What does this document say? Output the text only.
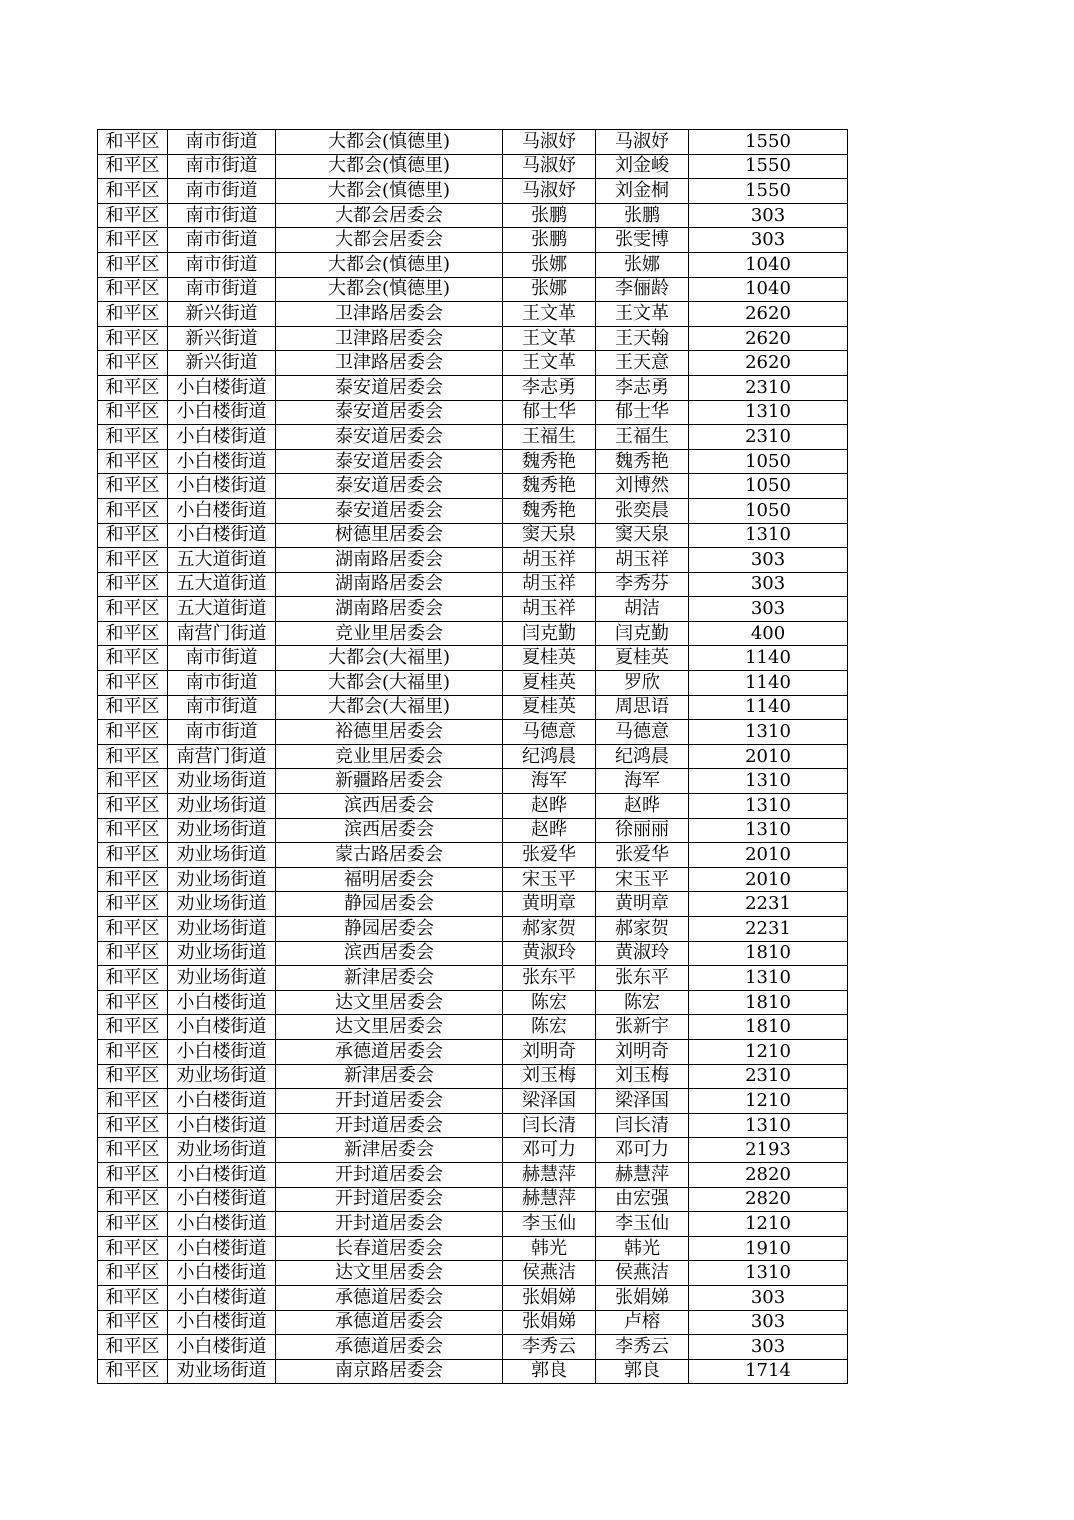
和平区	南市街道	大都会(慎德里)	马淑妤	马淑妤	1550
和平区	南市街道	大都会(慎德里)	马淑妤	刘金峻	1550
和平区	南市街道	大都会(慎德里)	马淑妤	刘金桐	1550
和平区	南市街道	大都会居委会	张鹏	张鹏	303
和平区	南市街道	大都会居委会	张鹏	张雯博	303
和平区	南市街道	大都会(慎德里)	张娜	张娜	1040
和平区	南市街道	大都会(慎德里)	张娜	李俪龄	1040
和平区	新兴街道	卫津路居委会	王文革	王文革	2620
和平区	新兴街道	卫津路居委会	王文革	王天翰	2620
和平区	新兴街道	卫津路居委会	王文革	王天意	2620
和平区	小白楼街道	泰安道居委会	李志勇	李志勇	2310
和平区	小白楼街道	泰安道居委会	郁士华	郁士华	1310
和平区	小白楼街道	泰安道居委会	王福生	王福生	2310
和平区	小白楼街道	泰安道居委会	魏秀艳	魏秀艳	1050
和平区	小白楼街道	泰安道居委会	魏秀艳	刘博然	1050
和平区	小白楼街道	泰安道居委会	魏秀艳	张奕晨	1050
和平区	小白楼街道	树德里居委会	窦天泉	窦天泉	1310
和平区	五大道街道	湖南路居委会	胡玉祥	胡玉祥	303
和平区	五大道街道	湖南路居委会	胡玉祥	李秀芬	303
和平区	五大道街道	湖南路居委会	胡玉祥	胡洁	303
和平区	南营门街道	竞业里居委会	闫克勤	闫克勤	400
和平区	南市街道	大都会(大福里)	夏桂英	夏桂英	1140
和平区	南市街道	大都会(大福里)	夏桂英	罗欣	1140
和平区	南市街道	大都会(大福里)	夏桂英	周思语	1140
和平区	南市街道	裕德里居委会	马德意	马德意	1310
和平区	南营门街道	竞业里居委会	纪鸿晨	纪鸿晨	2010
和平区	劝业场街道	新疆路居委会	海军	海军	1310
和平区	劝业场街道	滨西居委会	赵晔	赵晔	1310
和平区	劝业场街道	滨西居委会	赵晔	徐丽丽	1310
和平区	劝业场街道	蒙古路居委会	张爱华	张爱华	2010
和平区	劝业场街道	福明居委会	宋玉平	宋玉平	2010
和平区	劝业场街道	静园居委会	黄明章	黄明章	2231
和平区	劝业场街道	静园居委会	郝家贺	郝家贺	2231
和平区	劝业场街道	滨西居委会	黄淑玲	黄淑玲	1810
和平区	劝业场街道	新津居委会	张东平	张东平	1310
和平区	小白楼街道	达文里居委会	陈宏	陈宏	1810
和平区	小白楼街道	达文里居委会	陈宏	张新宇	1810
和平区	小白楼街道	承德道居委会	刘明奇	刘明奇	1210
和平区	劝业场街道	新津居委会	刘玉梅	刘玉梅	2310
和平区	小白楼街道	开封道居委会	梁泽国	梁泽国	1210
和平区	小白楼街道	开封道居委会	闫长清	闫长清	1310
和平区	劝业场街道	新津居委会	邓可力	邓可力	2193
和平区	小白楼街道	开封道居委会	赫慧萍	赫慧萍	2820
和平区	小白楼街道	开封道居委会	赫慧萍	由宏强	2820
和平区	小白楼街道	开封道居委会	李玉仙	李玉仙	1210
和平区	小白楼街道	长春道居委会	韩光	韩光	1910
和平区	小白楼街道	达文里居委会	侯燕洁	侯燕洁	1310
和平区	小白楼街道	承德道居委会	张娟娣	张娟娣	303
和平区	小白楼街道	承德道居委会	张娟娣	卢榕	303
和平区	小白楼街道	承德道居委会	李秀云	李秀云	303
和平区	劝业场街道	南京路居委会	郭良	郭良	1714
